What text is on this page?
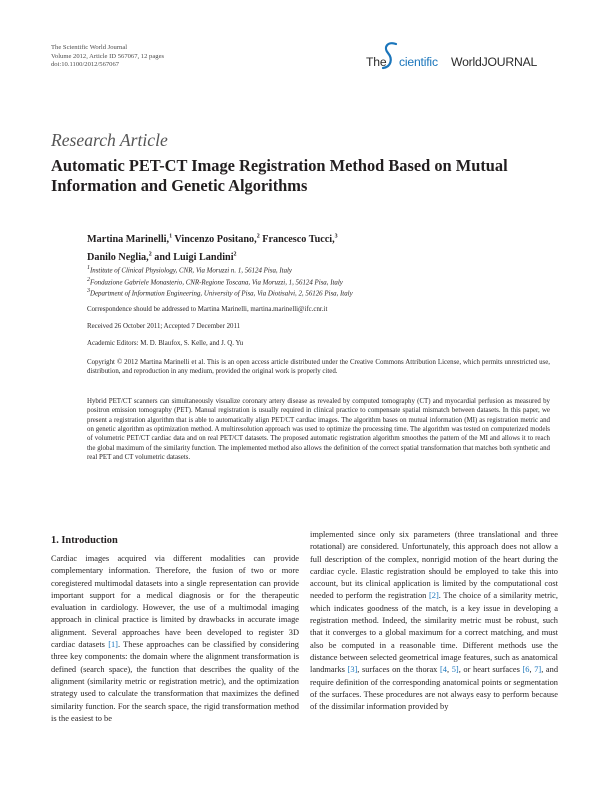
The Scientific World Journal
Volume 2012, Article ID 567067, 12 pages
doi:10.1100/2012/567067	The cientific WorldJOURNAL
Research Article
Automatic PET-CT Image Registration Method Based on Mutual Information and Genetic Algorithms
Martina Marinelli,$^1$ Vincenzo Positano,$^2$ Francesco Tucci,$^3$
Danilo Neglia,$^2$ and Luigi Landini$^2$
$^1$Institute of Clinical Physiology, CNR, Via Moruzzi n. 1, 56124 Pisa, Italy
$^2$Fondazione Gabriele Monasterio, CNR-Regione Toscana, Via Moruzzi, 1, 56124 Pisa, Italy
$^3$Department of Information Engineering, University of Pisa, Via Diotisalvi, 2, 56126 Pisa, Italy
Correspondence should be addressed to Martina Marinelli, martina.marinelli@ifc.cnr.it
Received 26 October 2011; Accepted 7 December 2011
Academic Editors: M. D. Blaufox, S. Kelle, and J. Q. Yu
Copyright © 2012 Martina Marinelli et al. This is an open access article distributed under the Creative Commons Attribution License, which permits unrestricted use, distribution, and reproduction in any medium, provided the original work is properly cited.
Hybrid PET/CT scanners can simultaneously visualize coronary artery disease as revealed by computed tomography (CT) and myocardial perfusion as measured by positron emission tomography (PET). Manual registration is usually required in clinical practice to compensate spatial mismatch between datasets. In this paper, we present a registration algorithm that is able to automatically align PET/CT cardiac images. The algorithm bases on mutual information (MI) as registration metric and on genetic algorithm as optimization method. A multiresolution approach was used to optimize the processing time. The algorithm was tested on computerized models of volumetric PET/CT cardiac data and on real PET/CT datasets. The proposed automatic registration algorithm smoothes the pattern of the MI and allows it to reach the global maximum of the similarity function. The implemented method also allows the definition of the correct spatial transformation that matches both synthetic and real PET and CT volumetric datasets.
1. Introduction
Cardiac images acquired via different modalities can provide complementary information. Therefore, the fusion of two or more coregistered multimodal datasets into a single representation can provide important support for a medical diagnosis or for the therapeutic evaluation in cardiology. However, the use of a multimodal imaging approach in clinical practice is limited by drawbacks in accurate image alignment. Several approaches have been developed to register 3D cardiac datasets [1]. These approaches can be classified by considering three key components: the domain where the alignment transformation is defined (search space), the function that describes the quality of the alignment (similarity metric or registration metric), and the optimization strategy used to calculate the transformation that maximizes the defined similarity function. For the search space, the rigid transformation method is the easiest to be
implemented since only six parameters (three translational and three rotational) are considered. Unfortunately, this approach does not allow a full description of the complex, nonrigid motion of the heart during the cardiac cycle. Elastic registration should be employed to take this into account, but its clinical application is limited by the computational cost needed to perform the registration [2]. The choice of a similarity metric, which indicates goodness of the match, is a key issue in developing a registration method. Indeed, the similarity metric must be robust, such that it converges to a global maximum for a correct matching, and must also be computed in a reasonable time. Different methods use the distance between selected geometrical image features, such as anatomical landmarks [3], surfaces on the thorax [4, 5], or heart surfaces [6, 7], and require definition of the corresponding anatomical points or segmentation of the surfaces. These procedures are not always easy to perform because of the dissimilar information provided by
